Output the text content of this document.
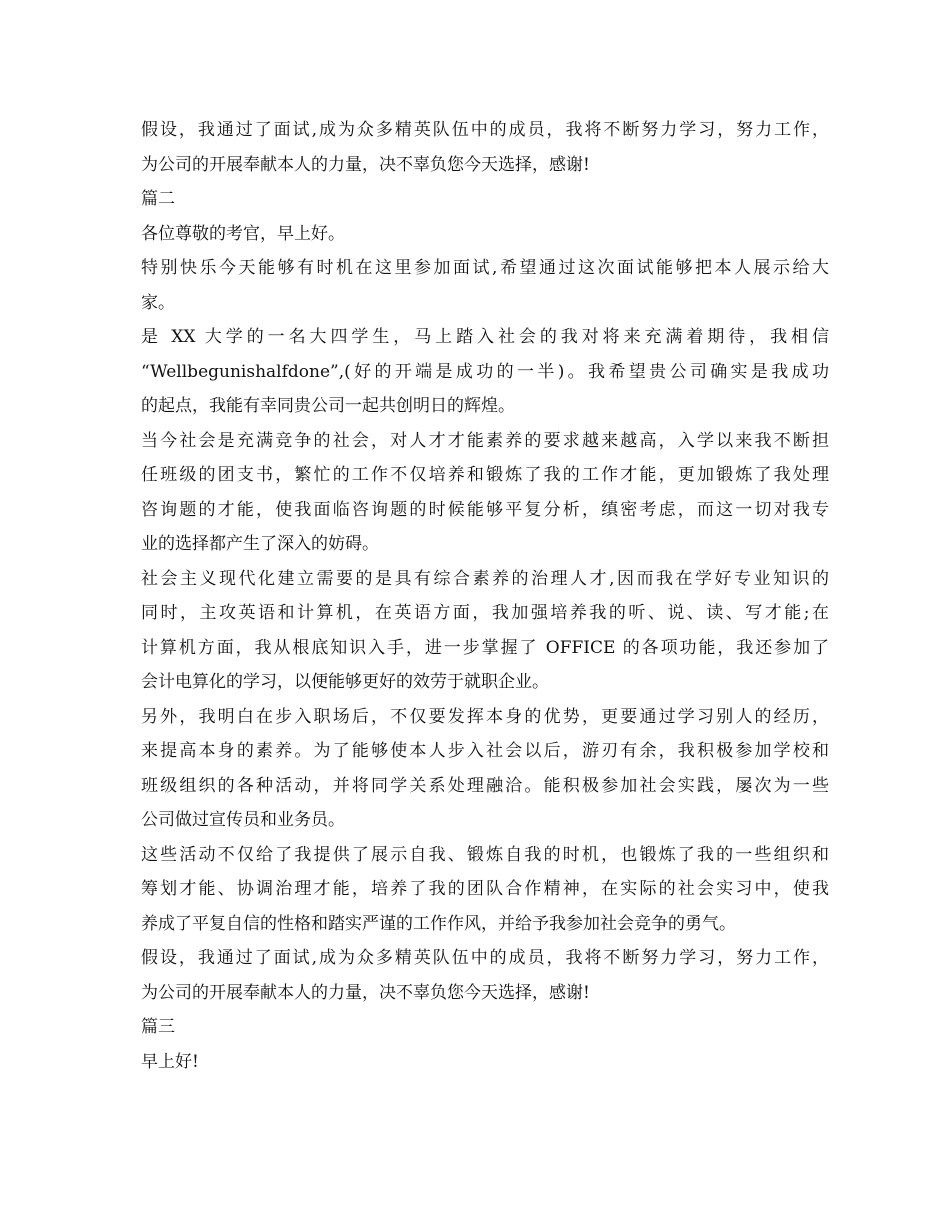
假设，我通过了面试,成为众多精英队伍中的成员，我将不断努力学习，努力工作，
为公司的开展奉献本人的力量，决不辜负您今天选择，感谢!
篇二
各位尊敬的考官，早上好。
特别快乐今天能够有时机在这里参加面试,希望通过这次面试能够把本人展示给大
家。
是 XX 大学的一名大四学生，马上踏入社会的我对将来充满着期待，我相信
“Wellbegunishalfdone”,(好的开端是成功的一半)。我希望贵公司确实是我成功
的起点，我能有幸同贵公司一起共创明日的辉煌。
当今社会是充满竞争的社会，对人才才能素养的要求越来越高，入学以来我不断担
任班级的团支书，繁忙的工作不仅培养和锻炼了我的工作才能，更加锻炼了我处理
咨询题的才能，使我面临咨询题的时候能够平复分析，缜密考虑，而这一切对我专
业的选择都产生了深入的妨碍。
社会主义现代化建立需要的是具有综合素养的治理人才,因而我在学好专业知识的
同时，主攻英语和计算机，在英语方面，我加强培养我的听、说、读、写才能;在
计算机方面，我从根底知识入手，进一步掌握了 OFFICE 的各项功能，我还参加了
会计电算化的学习，以便能够更好的效劳于就职企业。
另外，我明白在步入职场后，不仅要发挥本身的优势，更要通过学习别人的经历，
来提高本身的素养。为了能够使本人步入社会以后，游刃有余，我积极参加学校和
班级组织的各种活动，并将同学关系处理融洽。能积极参加社会实践，屡次为一些
公司做过宣传员和业务员。
这些活动不仅给了我提供了展示自我、锻炼自我的时机，也锻炼了我的一些组织和
筹划才能、协调治理才能，培养了我的团队合作精神，在实际的社会实习中，使我
养成了平复自信的性格和踏实严谨的工作作风，并给予我参加社会竞争的勇气。
假设，我通过了面试,成为众多精英队伍中的成员，我将不断努力学习，努力工作，
为公司的开展奉献本人的力量，决不辜负您今天选择，感谢!
篇三
早上好!
